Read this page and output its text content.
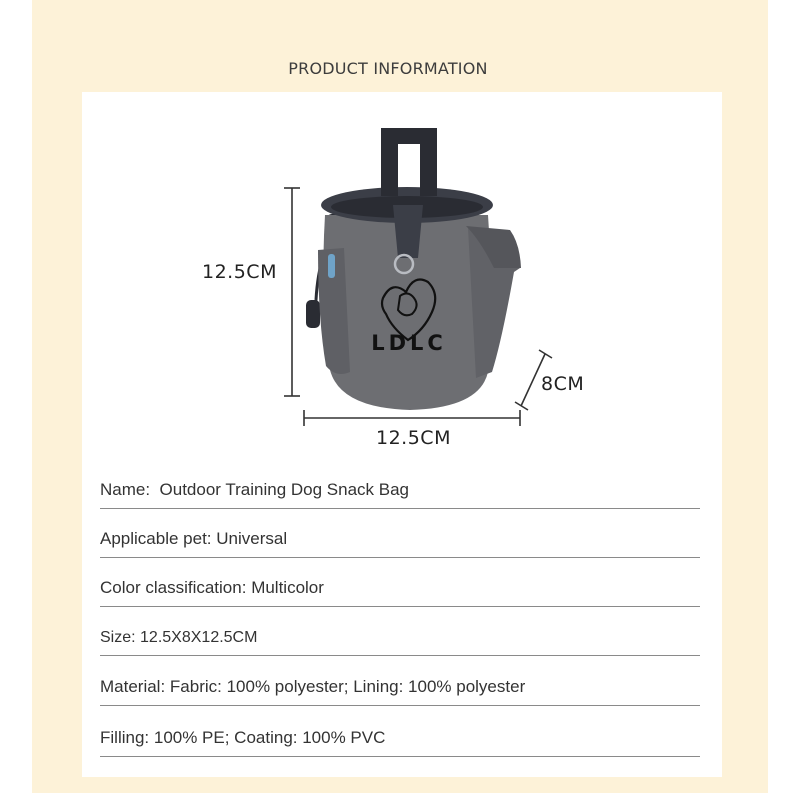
PRODUCT INFORMATION
LDLC
12.5CM
12.5CM
8CM
Name: Outdoor Training Dog Snack Bag
Applicable pet: Universal
Color classification: Multicolor
Size: 12.5X8X12.5CM
Material: Fabric: 100% polyester; Lining: 100% polyester
Filling: 100% PE; Coating: 100% PVC
